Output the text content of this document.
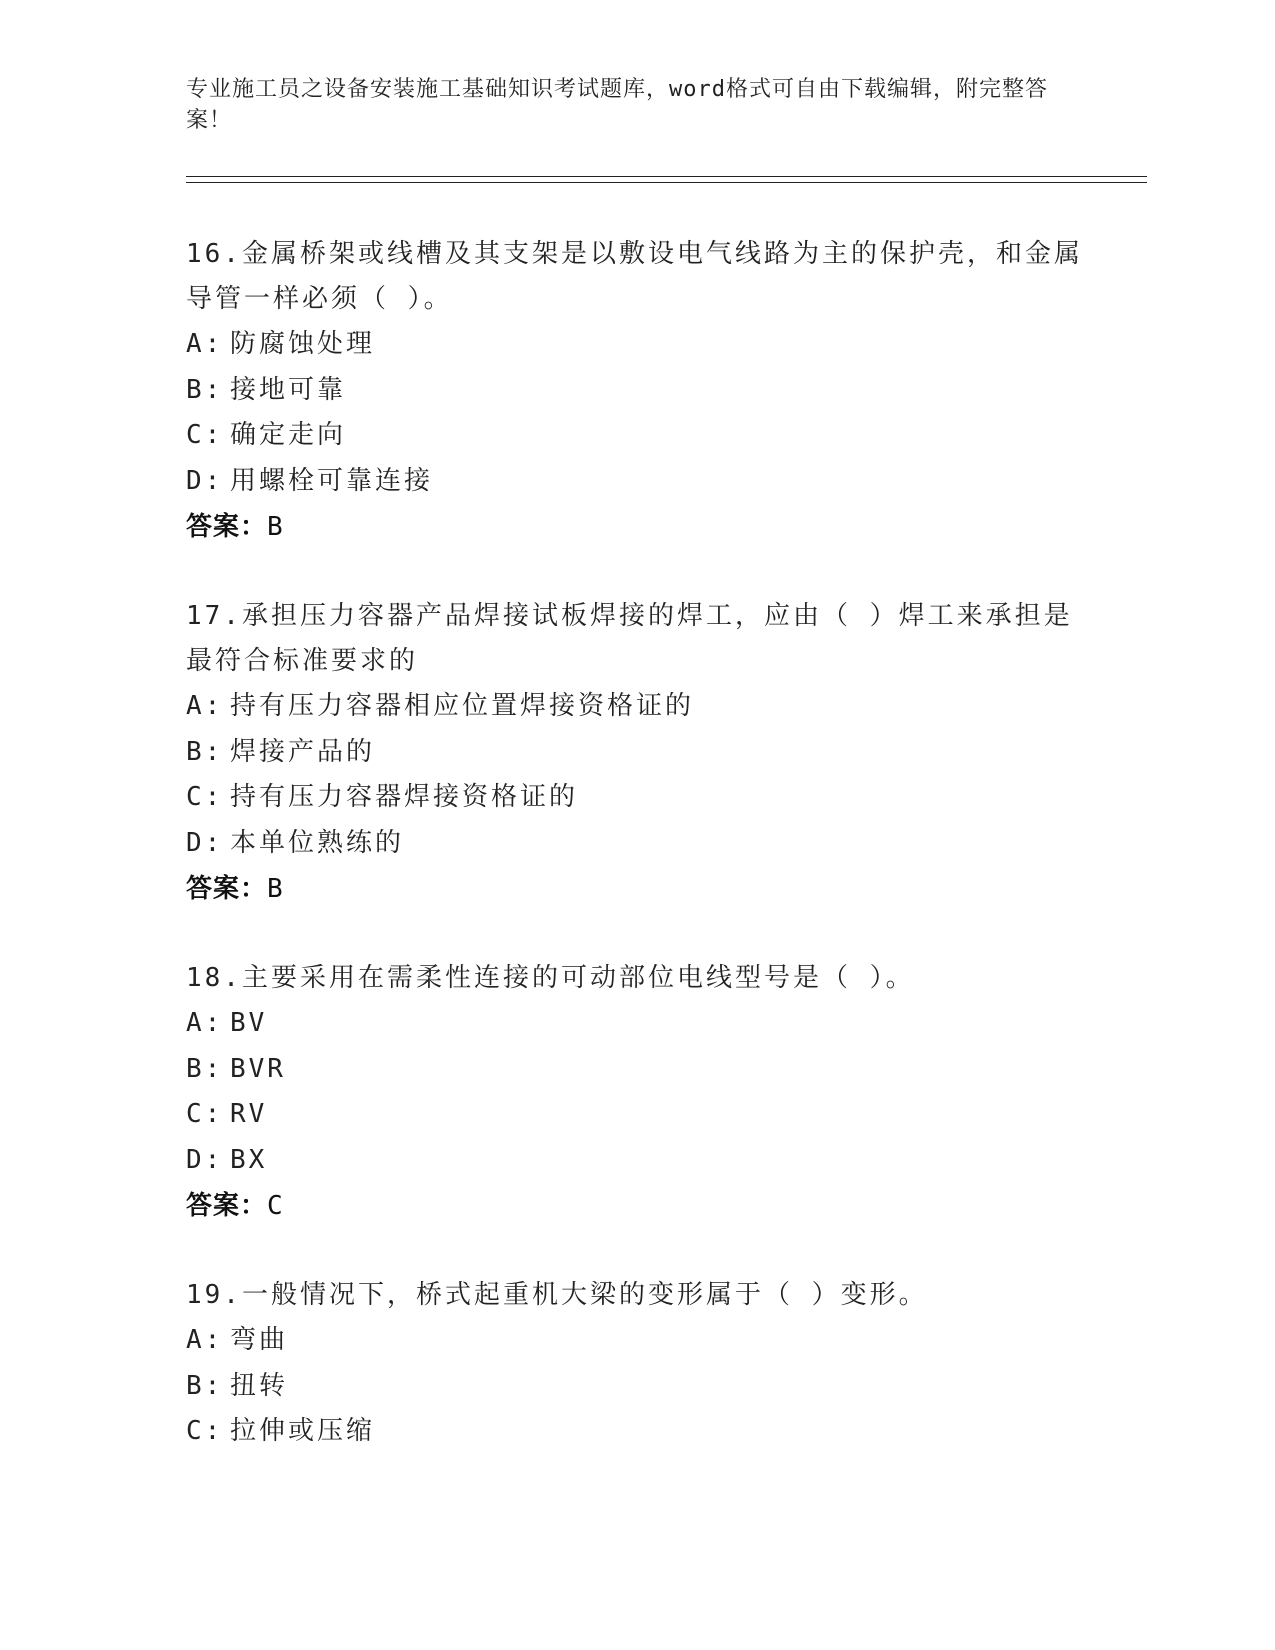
专业施工员之设备安装施工基础知识考试题库，word格式可自由下载编辑，附完整答案！
16.金属桥架或线槽及其支架是以敷设电气线路为主的保护壳，和金属导管一样必须（ ）。
A: 防腐蚀处理
B: 接地可靠
C: 确定走向
D: 用螺栓可靠连接
答案：B
17.承担压力容器产品焊接试板焊接的焊工，应由（ ）焊工来承担是最符合标准要求的
A: 持有压力容器相应位置焊接资格证的
B: 焊接产品的
C: 持有压力容器焊接资格证的
D: 本单位熟练的
答案：B
18.主要采用在需柔性连接的可动部位电线型号是（ ）。
A: BV
B: BVR
C: RV
D: BX
答案：C
19.一般情况下，桥式起重机大梁的变形属于（ ）变形。
A: 弯曲
B: 扭转
C: 拉伸或压缩
